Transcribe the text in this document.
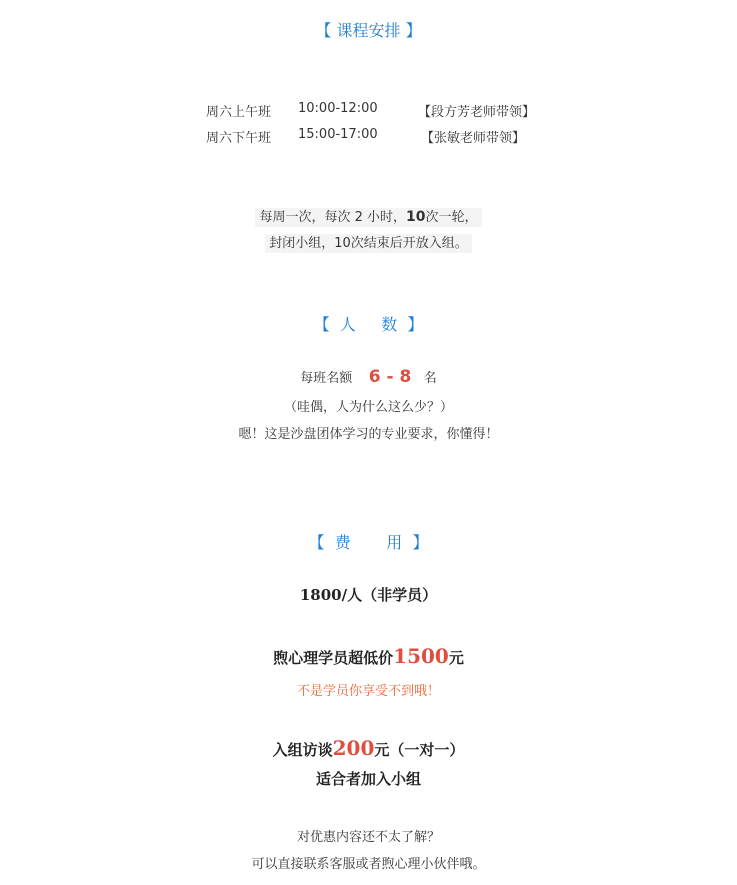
【 课程安排 】
周六上午班 10:00-12:00	【段方芳老师带领】
周六下午班 15:00-17:00	【张敏老师带领】
每周一次，每次 2 小时，10次一轮，
封闭小组，10次结束后开放入组。
【  人     数  】
每班名额 6 - 8 名
（哇偶，人为什么这么少？）
嗯！这是沙盘团体学习的专业要求，你懂得！
【  费       用  】
1800/人（非学员）
煦心理学员超低价1500元
不是学员你享受不到哦！
入组访谈200元（一对一）
适合者加入小组
对优惠内容还不太了解？
可以直接联系客服或者煦心理小伙伴哦。
